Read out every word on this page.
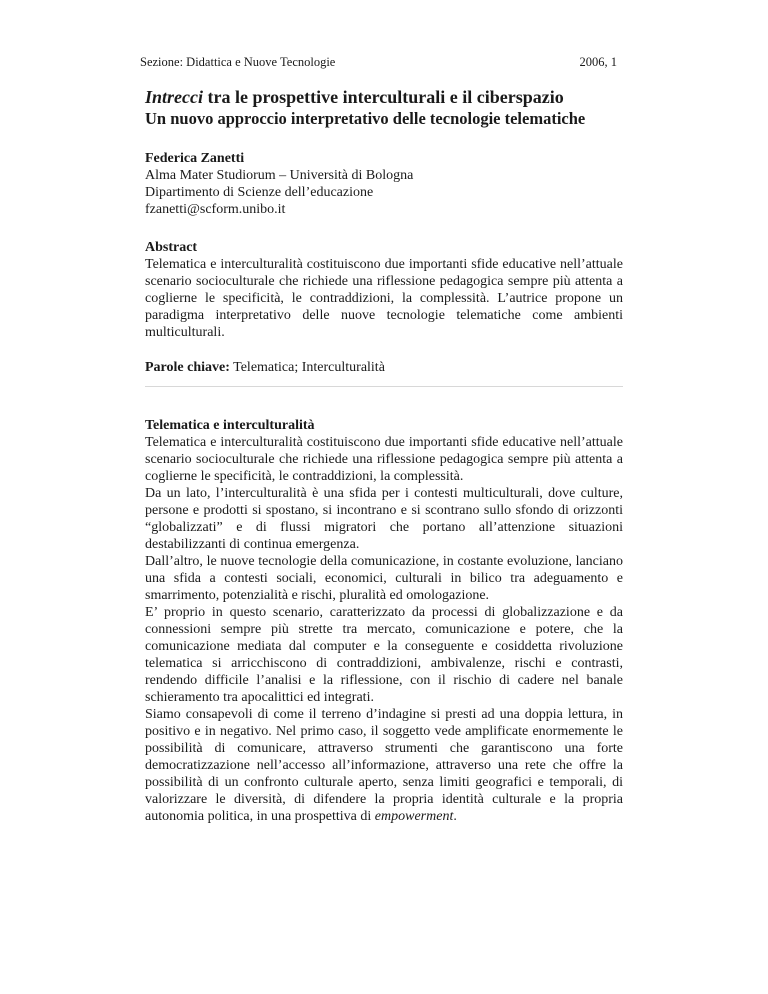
Sezione: Didattica e Nuove Tecnologie	2006, 1
Intrecci tra le prospettive interculturali e il ciberspazio
Un nuovo approccio interpretativo delle tecnologie telematiche
Federica Zanetti
Alma Mater Studiorum – Università di Bologna
Dipartimento di Scienze dell’educazione
fzanetti@scform.unibo.it
Abstract

Telematica e interculturalità costituiscono due importanti sfide educative nell’attuale scenario socioculturale che richiede una riflessione pedagogica sempre più attenta a coglierne le specificità, le contraddizioni, la complessità. L’autrice propone un paradigma interpretativo delle nuove tecnologie telematiche come ambienti multiculturali.

Parole chiave: Telematica; Interculturalità
Telematica e interculturalità

Telematica e interculturalità costituiscono due importanti sfide educative nell’attuale scenario socioculturale che richiede una riflessione pedagogica sempre più attenta a coglierne le specificità, le contraddizioni, la complessità.

Da un lato, l’interculturalità è una sfida per i contesti multiculturali, dove culture, persone e prodotti si spostano, si incontrano e si scontrano sullo sfondo di orizzonti “globalizzati” e di flussi migratori che portano all’attenzione situazioni destabilizzanti di continua emergenza.

Dall’altro, le nuove tecnologie della comunicazione, in costante evoluzione, lanciano una sfida a contesti sociali, economici, culturali in bilico tra adeguamento e smarrimento, potenzialità e rischi, pluralità ed omologazione.

E’ proprio in questo scenario, caratterizzato da processi di globalizzazione e da connessioni sempre più strette tra mercato, comunicazione e potere, che la comunicazione mediata dal computer e la conseguente e cosiddetta rivoluzione telematica si arricchiscono di contraddizioni, ambivalenze, rischi e contrasti, rendendo difficile l’analisi e la riflessione, con il rischio di cadere nel banale schieramento tra apocalittici ed integrati.

Siamo consapevoli di come il terreno d’indagine si presti ad una doppia lettura, in positivo e in negativo. Nel primo caso, il soggetto vede amplificate enormemente le possibilità di comunicare, attraverso strumenti che garantiscono una forte democratizzazione nell’accesso all’informazione, attraverso una rete che offre la possibilità di un confronto culturale aperto, senza limiti geografici e temporali, di valorizzare le diversità, di difendere la propria identità culturale e la propria autonomia politica, in una prospettiva di empowerment.
